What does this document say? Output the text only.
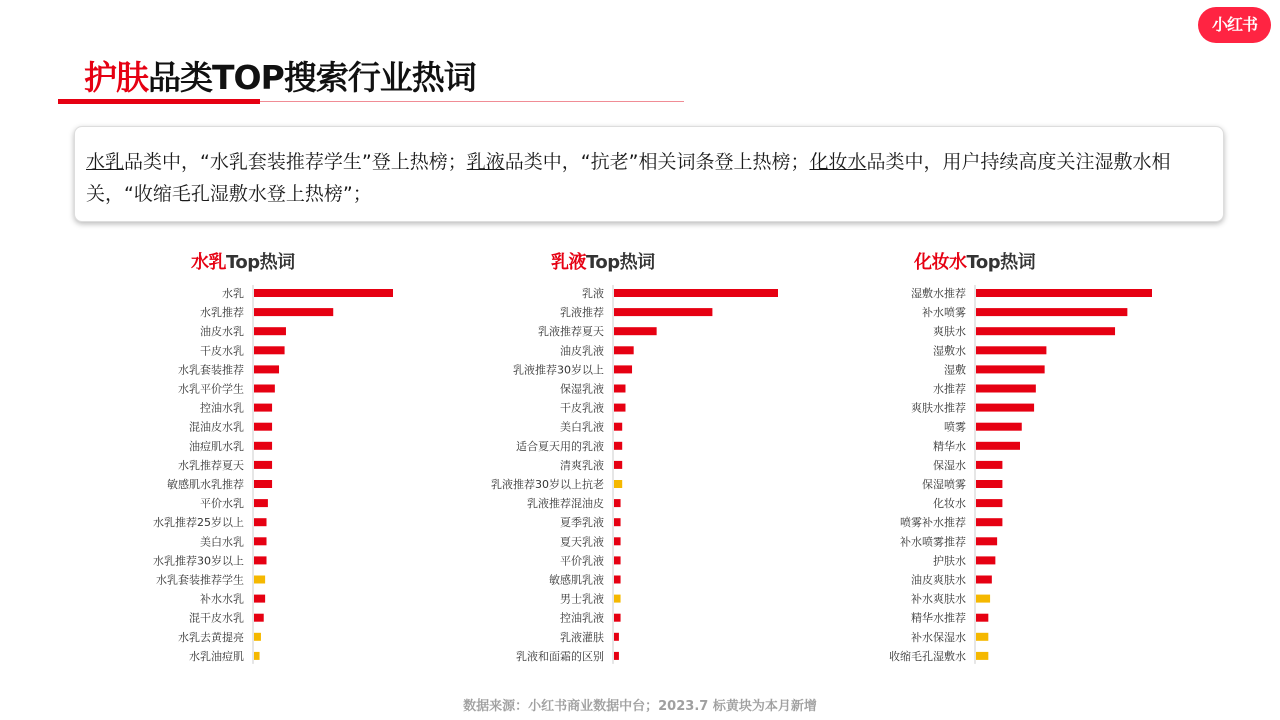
护肤品类TOP搜索行业热词
小红书
水乳品类中，“水乳套装推荐学生”登上热榜；乳液品类中，“抗老”相关词条登上热榜；化妆水品类中，用户持续高度关注湿敷水相关，“收缩毛孔湿敷水登上热榜”；
水乳Top热词	乳液Top热词	化妆水Top热词
水乳
水乳推荐
油皮水乳
干皮水乳
水乳套装推荐
水乳平价学生
控油水乳
混油皮水乳
油痘肌水乳
水乳推荐夏天
敏感肌水乳推荐
平价水乳
水乳推荐25岁以上
美白水乳
水乳推荐30岁以上
水乳套装推荐学生
补水水乳
混干皮水乳
水乳去黄提亮
水乳油痘肌
乳液
乳液推荐
乳液推荐夏天
油皮乳液
乳液推荐30岁以上
保湿乳液
干皮乳液
美白乳液
适合夏天用的乳液
清爽乳液
乳液推荐30岁以上抗老
乳液推荐混油皮
夏季乳液
夏天乳液
平价乳液
敏感肌乳液
男士乳液
控油乳液
乳液灌肤
乳液和面霜的区别
湿敷水推荐
补水喷雾
爽肤水
湿敷水
湿敷
水推荐
爽肤水推荐
喷雾
精华水
保湿水
保湿喷雾
化妆水
喷雾补水推荐
补水喷雾推荐
护肤水
油皮爽肤水
补水爽肤水
精华水推荐
补水保湿水
收缩毛孔湿敷水
数据来源：小红书商业数据中台；2023.7 标黄块为本月新增
